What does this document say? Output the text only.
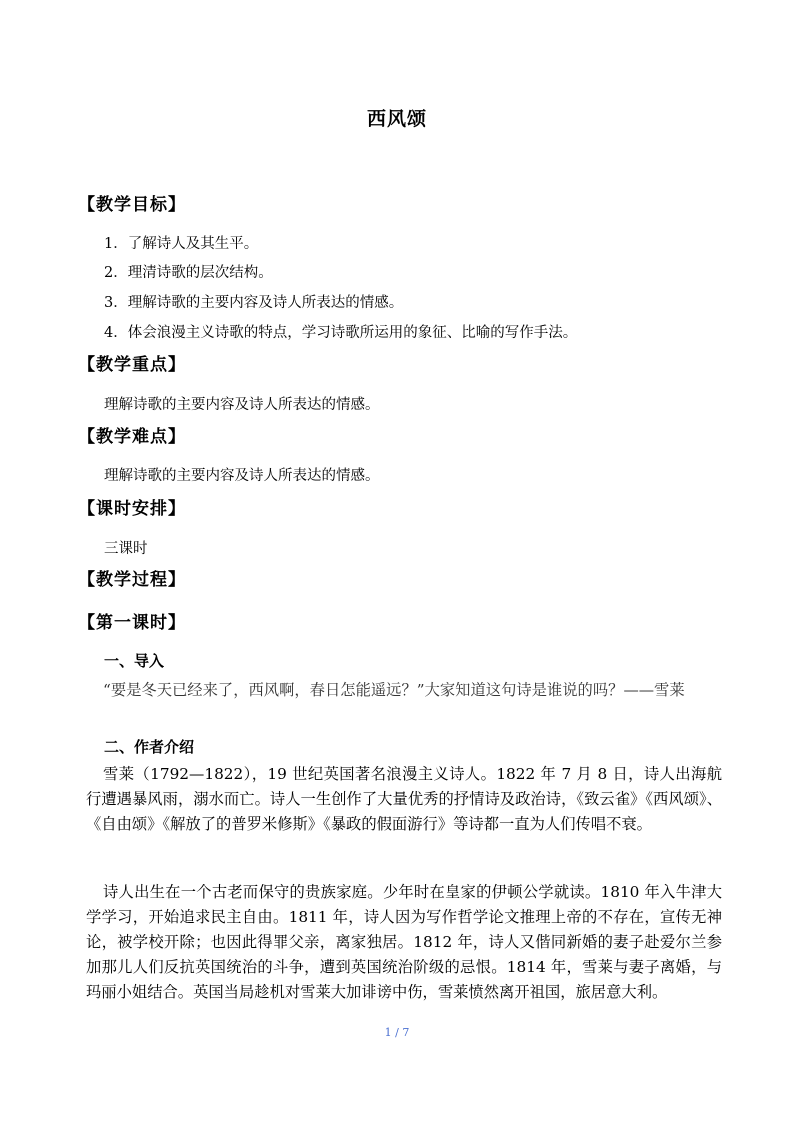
西风颂
【教学目标】
1．了解诗人及其生平。
2．理清诗歌的层次结构。
3．理解诗歌的主要内容及诗人所表达的情感。
4．体会浪漫主义诗歌的特点，学习诗歌所运用的象征、比喻的写作手法。
【教学重点】
理解诗歌的主要内容及诗人所表达的情感。
【教学难点】
理解诗歌的主要内容及诗人所表达的情感。
【课时安排】
三课时
【教学过程】
【第一课时】
一、导入
“要是冬天已经来了，西风啊，春日怎能遥远？”大家知道这句诗是谁说的吗？——雪莱
二、作者介绍
雪莱（1792—1822），19 世纪英国著名浪漫主义诗人。1822 年 7 月 8 日，诗人出海航行遭遇暴风雨，溺水而亡。诗人一生创作了大量优秀的抒情诗及政治诗，《致云雀》《西风颂》、《自由颂》《解放了的普罗米修斯》《暴政的假面游行》等诗都一直为人们传唱不衰。
诗人出生在一个古老而保守的贵族家庭。少年时在皇家的伊顿公学就读。1810 年入牛津大学学习，开始追求民主自由。1811 年，诗人因为写作哲学论文推理上帝的不存在，宣传无神论，被学校开除；也因此得罪父亲，离家独居。1812 年，诗人又偕同新婚的妻子赴爱尔兰参加那儿人们反抗英国统治的斗争，遭到英国统治阶级的忌恨。1814 年，雪莱与妻子离婚，与玛丽小姐结合。英国当局趁机对雪莱大加诽谤中伤，雪莱愤然离开祖国，旅居意大利。
1 / 7
